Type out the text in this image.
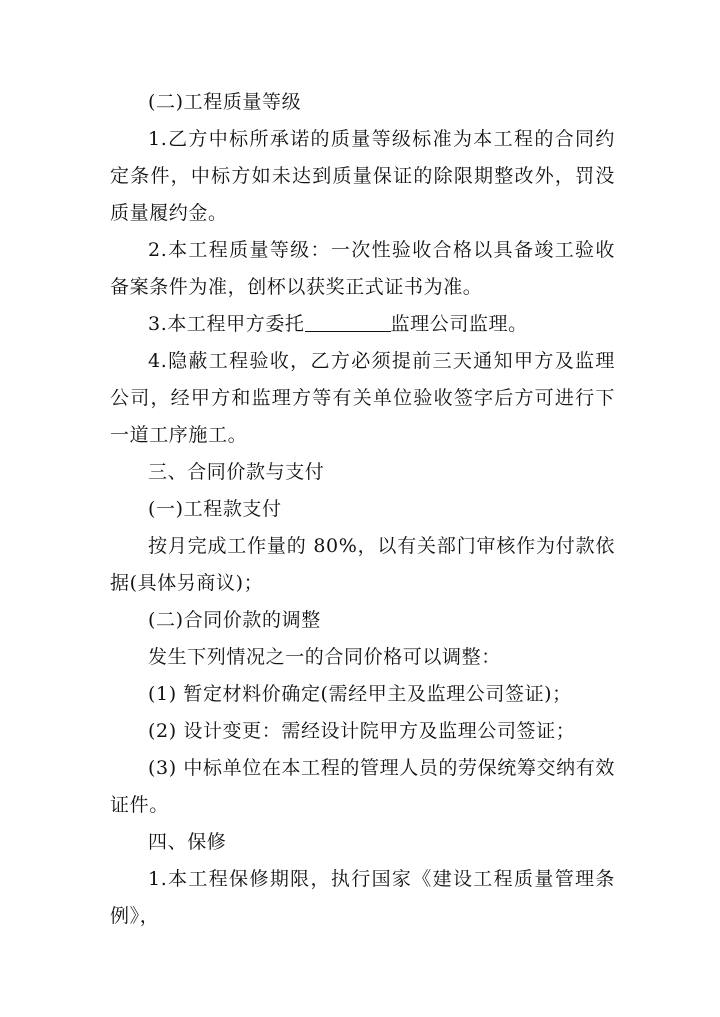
(二)工程质量等级

1.乙方中标所承诺的质量等级标准为本工程的合同约定条件，中标方如未达到质量保证的除限期整改外，罚没质量履约金。

2.本工程质量等级：一次性验收合格以具备竣工验收备案条件为准，创杯以获奖正式证书为准。

3.本工程甲方委托	监理公司监理。

4.隐蔽工程验收，乙方必须提前三天通知甲方及监理公司，经甲方和监理方等有关单位验收签字后方可进行下一道工序施工。

三、合同价款与支付

(一)工程款支付

按月完成工作量的 80%，以有关部门审核作为付款依据(具体另商议)；

(二)合同价款的调整

发生下列情况之一的合同价格可以调整：

(1) 暂定材料价确定(需经甲主及监理公司签证)；

(2) 设计变更：需经设计院甲方及监理公司签证；

(3) 中标单位在本工程的管理人员的劳保统筹交纳有效证件。

四、保修

1.本工程保修期限，执行国家《建设工程质量管理条例》，
